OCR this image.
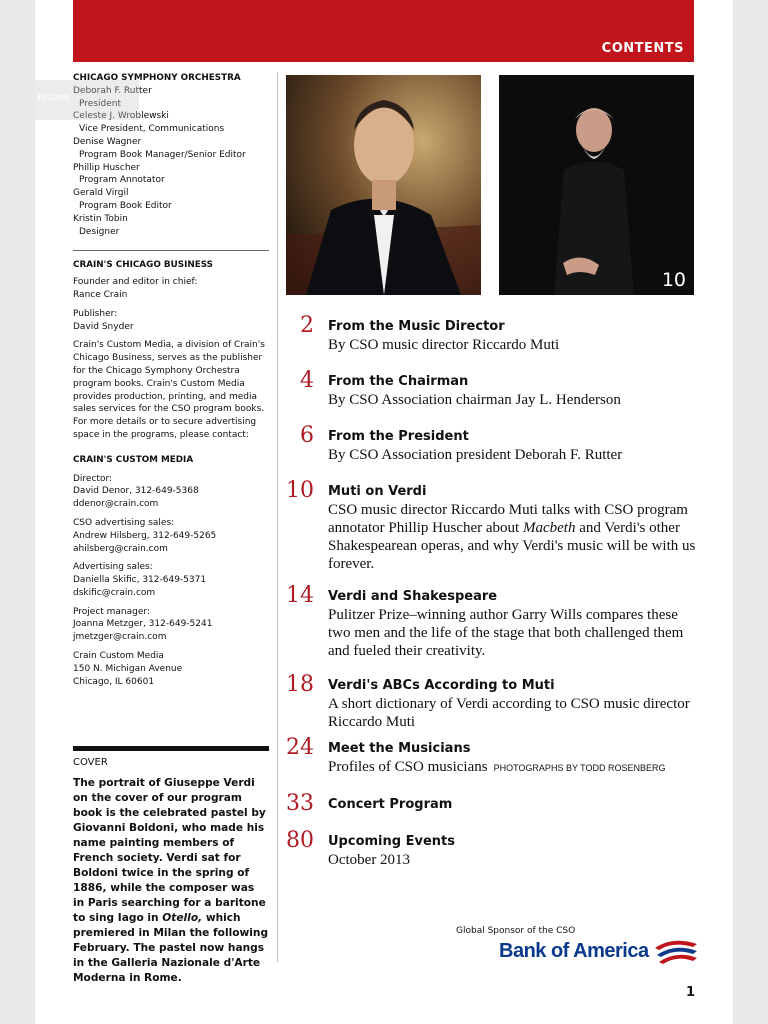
CONTENTS

CHICAGO SYMPHONY ORCHESTRA

Deborah F. Rutter

President

Celeste J. Wroblewski

Vice President, Communications

Denise Wagner

Program Book Manager/Senior Editor

Phillip Huscher

Program Annotator

Gerald Virgil

Program Book Editor

Kristin Tobin

Designer

CRAIN'S CHICAGO BUSINESS

Founder and editor in chief:

Rance Crain

Publisher:

David Snyder

Crain's Custom Media, a division of Crain's Chicago Business, serves as the publisher for the Chicago Symphony Orchestra program books. Crain's Custom Media provides production, printing, and media sales services for the CSO program books. For more details or to secure advertising space in the programs, please contact:

CRAIN'S CUSTOM MEDIA

Director:

David Denor, 312-649-5368

ddenor@crain.com

CSO advertising sales:

Andrew Hilsberg, 312-649-5265

ahilsberg@crain.com

Advertising sales:

Daniella Skific, 312-649-5371

dskific@crain.com

Project manager:

Joanna Metzger, 312-649-5241

jmetzger@crain.com

Crain Custom Media

150 N. Michigan Avenue

Chicago, IL 60601

COVER

The portrait of Giuseppe Verdi on the cover of our program book is the celebrated pastel by Giovanni Boldoni, who made his name painting members of French society. Verdi sat for Boldoni twice in the spring of 1886, while the composer was in Paris searching for a baritone to sing Iago in Otello, which premiered in Milan the following February. The pastel now hangs in the Galleria Nazionale d'Arte Moderna in Rome.

Issues
10
2 From the Music Director
By CSO music director Riccardo Muti
4 From the Chairman
By CSO Association chairman Jay L. Henderson
6 From the President
By CSO Association president Deborah F. Rutter
10 Muti on Verdi
CSO music director Riccardo Muti talks with CSO program annotator Phillip Huscher about Macbeth and Verdi's other Shakespearean operas, and why Verdi's music will be with us forever.
14 Verdi and Shakespeare
Pulitzer Prize–winning author Garry Wills compares these two men and the life of the stage that both challenged them and fueled their creativity.
18 Verdi's ABCs According to Muti
A short dictionary of Verdi according to CSO music director Riccardo Muti
24 Meet the Musicians
Profiles of CSO musicians PHOTOGRAPHS BY TODD ROSENBERG
33 Concert Program
80 Upcoming Events
October 2013
Global Sponsor of the CSO
Bank of America
1
